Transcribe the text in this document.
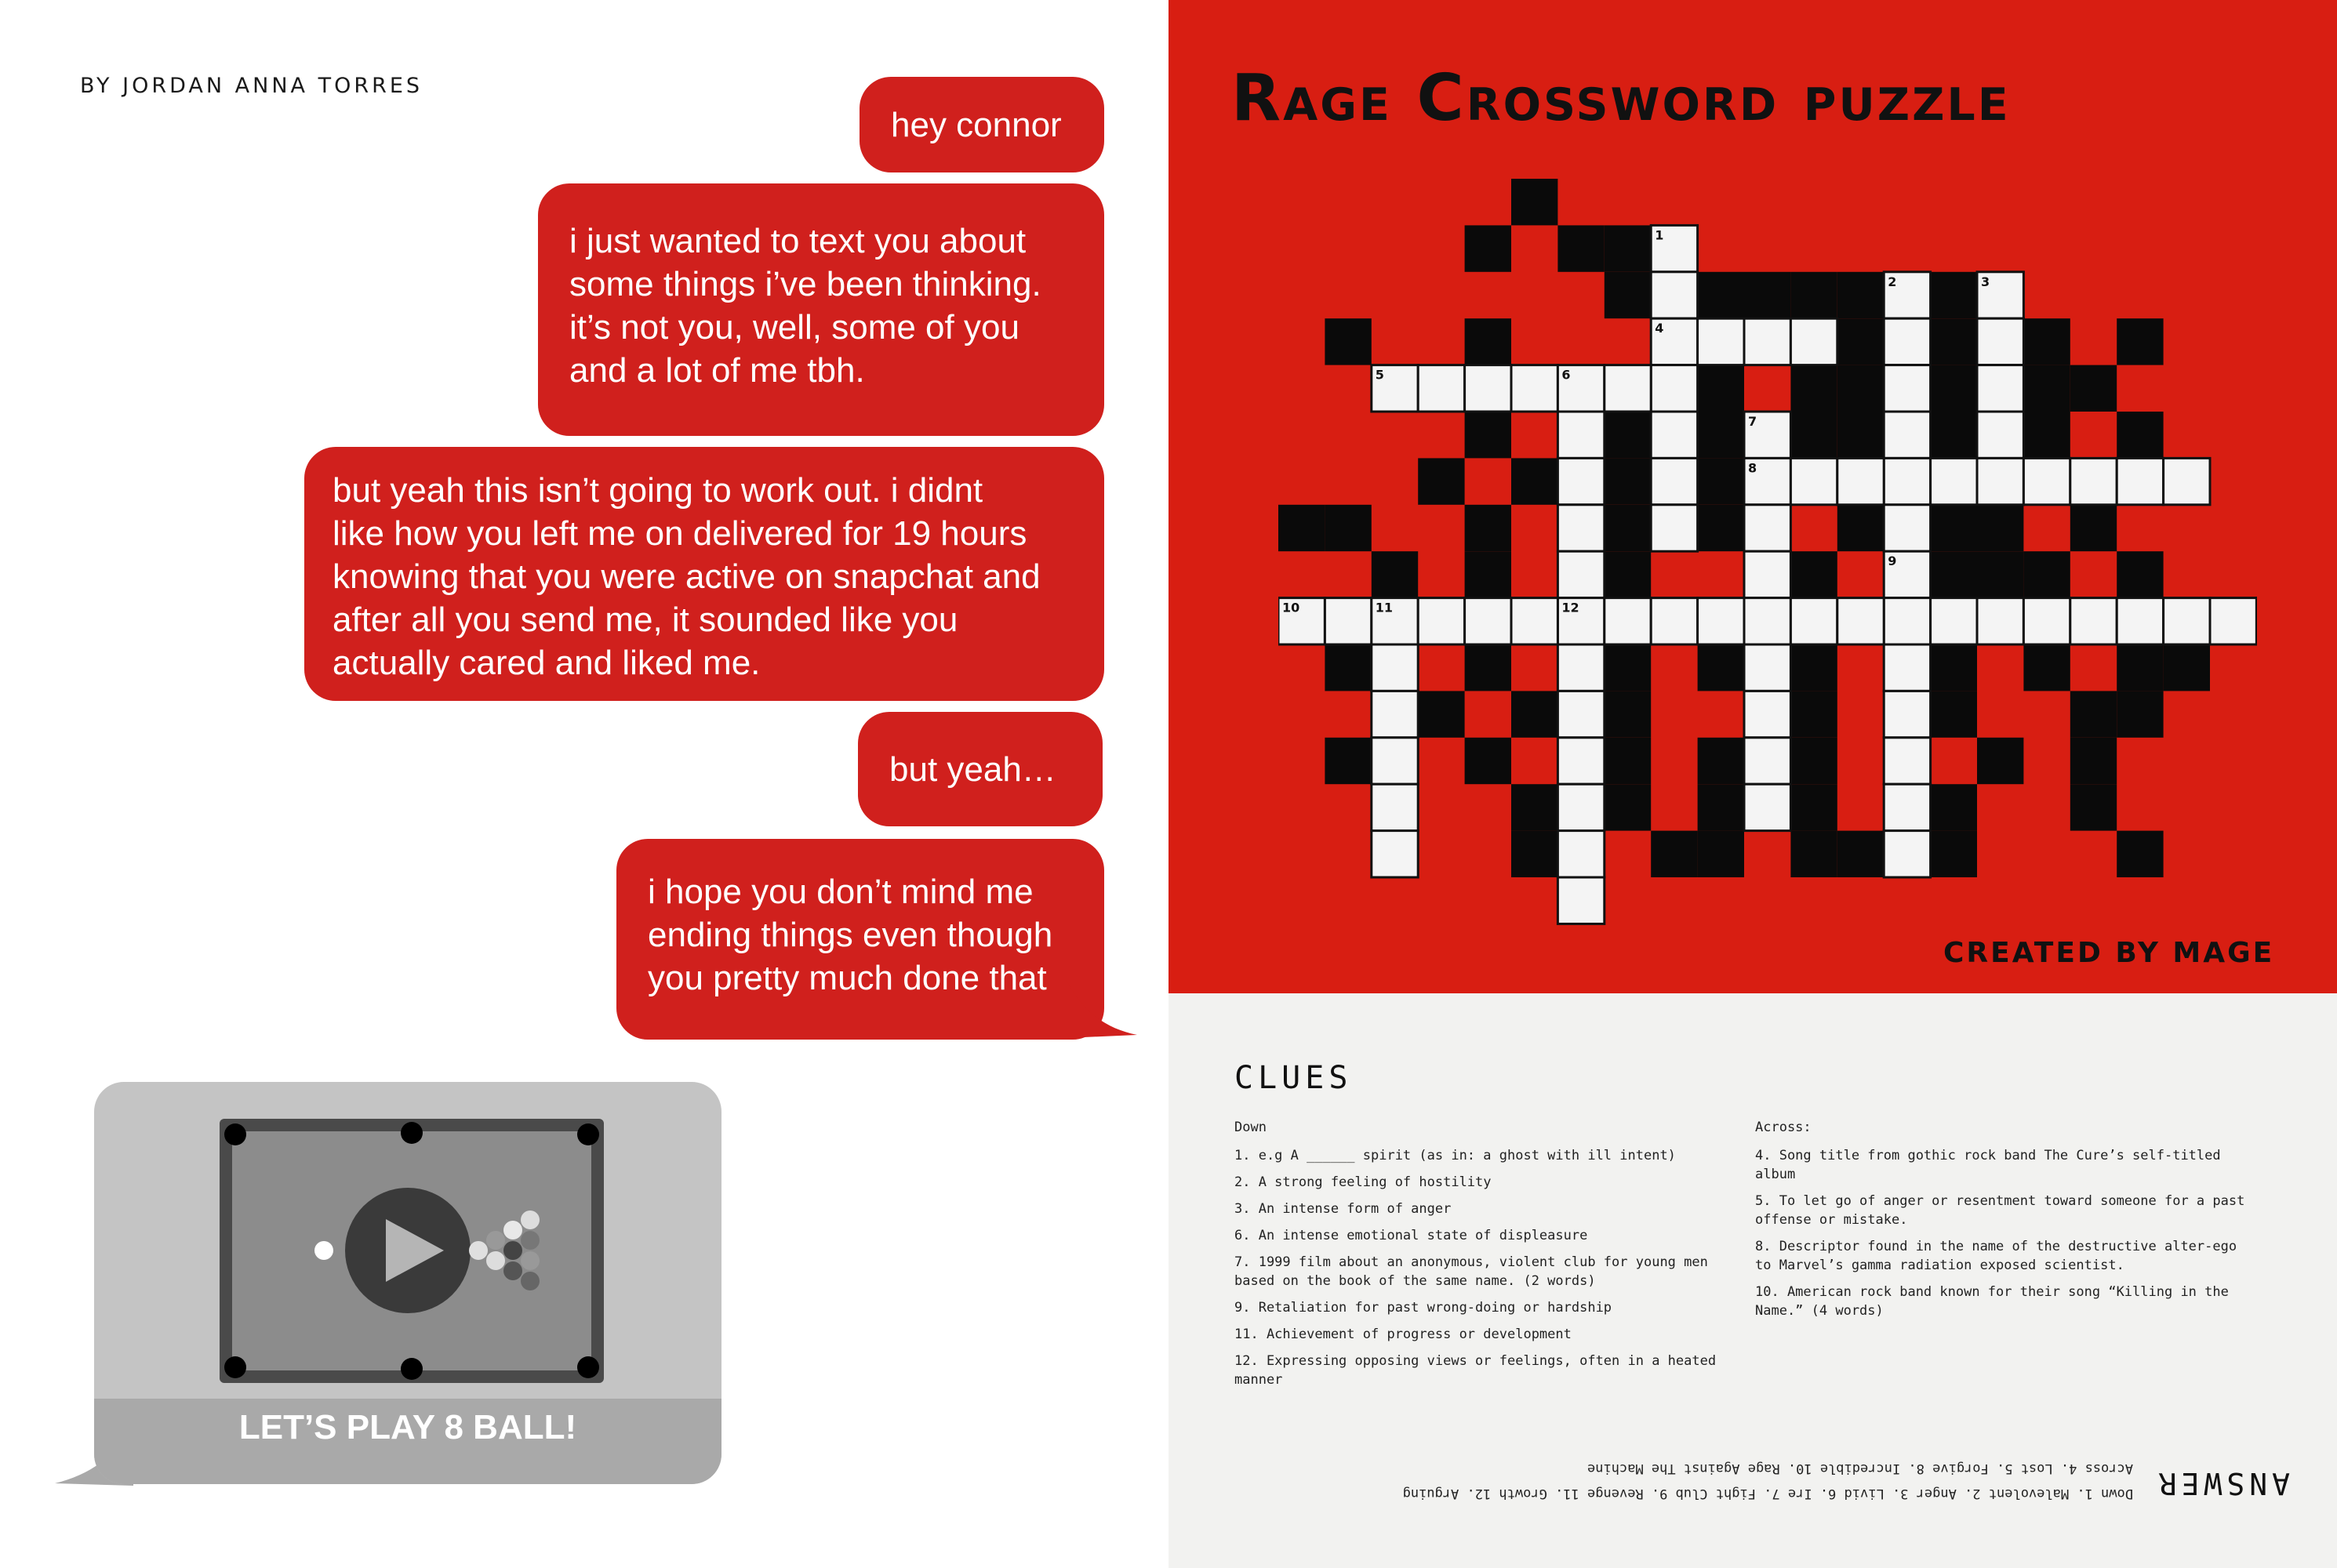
BY JORDAN ANNA TORRES
hey connor
i just wanted to text you about
some things i’ve been thinking.
it’s not you, well, some of you
and a lot of me tbh.
but yeah this isn’t going to work out. i didnt
like how you left me on delivered for 19 hours
knowing that you were active on snapchat and
after all you send me, it sounded like you
actually cared and liked me.
but yeah…
i hope you don’t mind me
ending things even though
you pretty much done that
LET’S PLAY 8 BALL!
Rage Crossword puzzle
1
2	3
4
5	6
7
8
9
10	11	12
CREATED BY MAGE
CLUES
Down
1. e.g A ______ spirit (as in: a ghost with ill intent)
2. A strong feeling of hostility
3. An intense form of anger
6. An intense emotional state of displeasure
7. 1999 film about an anonymous, violent club for young men based on the book of the same name. (2 words)
9. Retaliation for past wrong-doing or hardship
11. Achievement of progress or development
12. Expressing opposing views or feelings, often in a heated manner
Across:
4. Song title from gothic rock band The Cure’s self-titled album
5. To let go of anger or resentment toward someone for a past offense or mistake.
8. Descriptor found in the name of the destructive alter-ego to Marvel’s gamma radiation exposed scientist.
10. American rock band known for their song “Killing in the Name.” (4 words)
ANSWER
Down 1. Malevolent 2. Anger 3. Livid 6. Ire 7. Fight Club 9. Revenge 11. Growth 12. Arguing
Across 4. Lost 5. Forgive 8. Incredible 10. Rage Against The Machine
